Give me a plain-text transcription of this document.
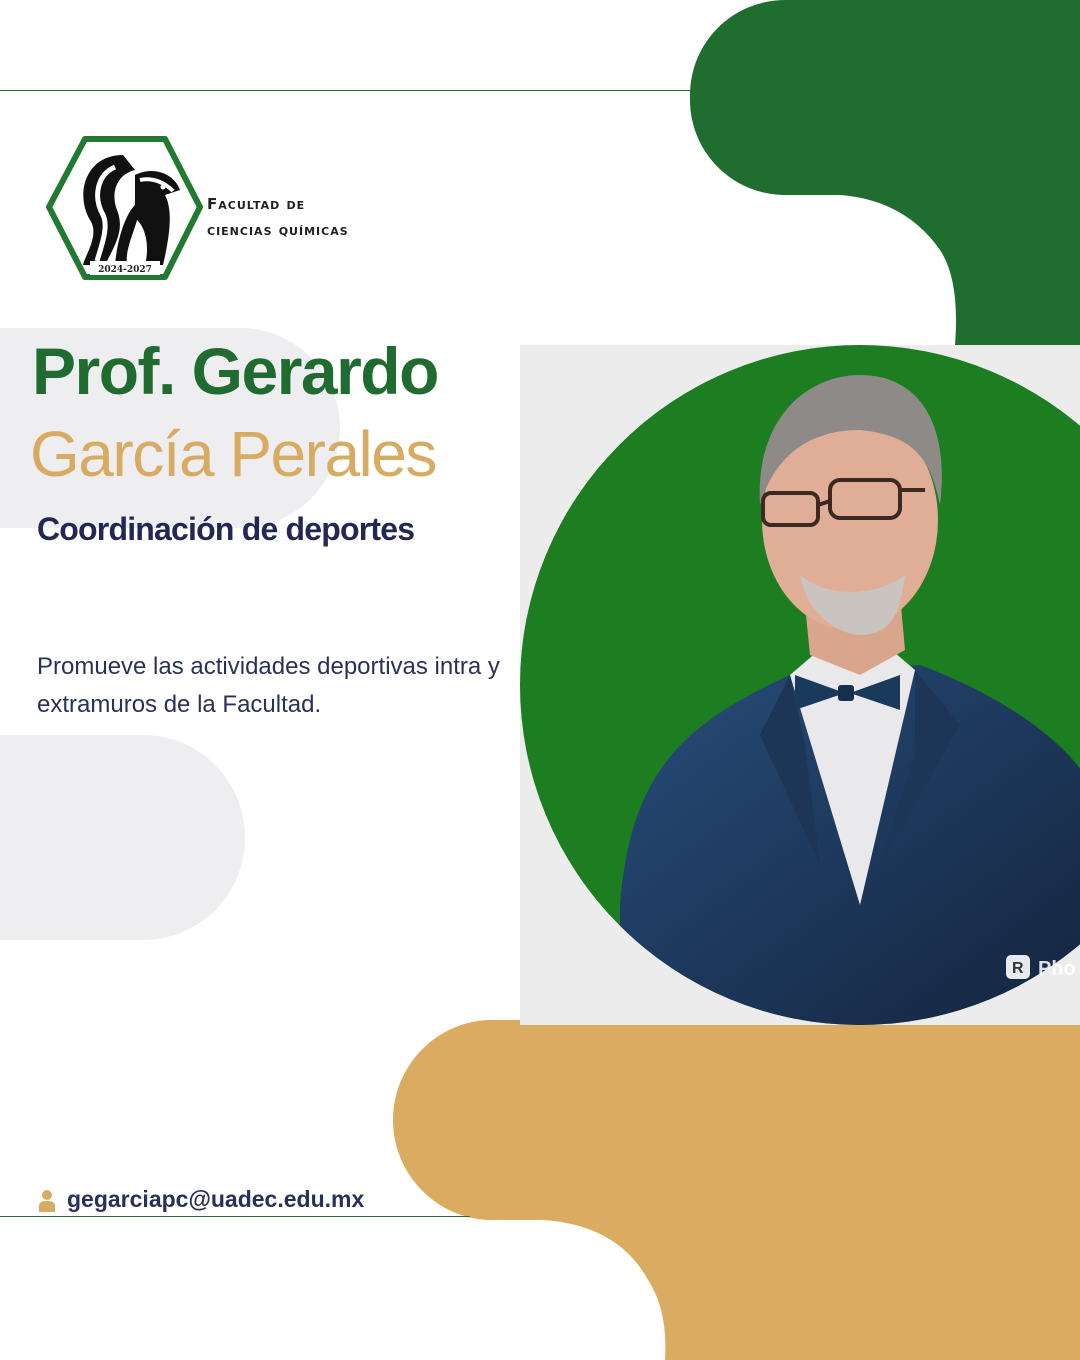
2024-2027
Facultad de
ciencias químicas
Prof. Gerardo
García Perales
Coordinación de deportes
Promueve las actividades deportivas intra y extramuros de la Facultad.
R Pho
gegarciapc@uadec.edu.mx
